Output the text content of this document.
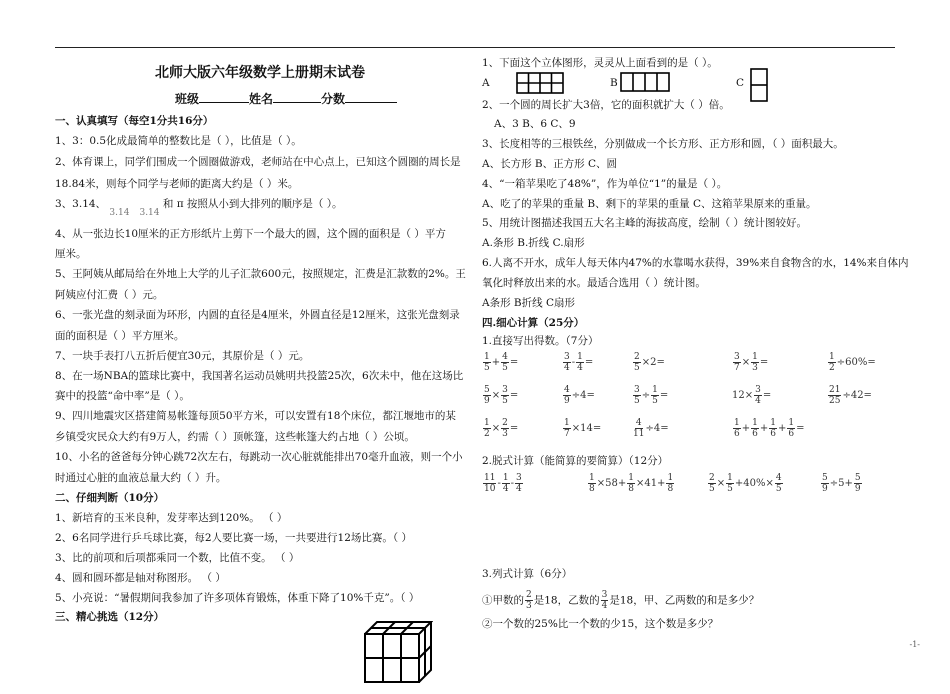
北师大版六年级数学上册期末试卷
班级	姓名	分数
一、认真填写（每空1分共16分）
1、3：0.5化成最简单的整数比是（ ），比值是（ ）。
2、体育课上，同学们围成一个圆圈做游戏，老师站在中心点上，已知这个圆圈的周长是
18.84米，则每个同学与老师的距离大约是（ ）米。
3、3.14、 3.14 3.14 和 π 按照从小到大排列的顺序是（ ）。
4、从一张边长10厘米的正方形纸片上剪下一个最大的圆，这个圆的面积是（ ）平方
厘米。
5、王阿姨从邮局给在外地上大学的儿子汇款600元，按照规定，汇费是汇款数的2%。王
阿姨应付汇费（ ）元。
6、一张光盘的刻录面为环形，内圆的直径是4厘米，外圆直径是12厘米，这张光盘刻录
面的面积是（ ）平方厘米。
7、一块手表打八五折后便宜30元，其原价是（ ）元。
8、在一场NBA的篮球比赛中，我国著名运动员姚明共投篮25次，6次未中，他在这场比
赛中的投篮“命中率”是（ ）。
9、四川地震灾区搭建简易帐篷每顶50平方米，可以安置有18个床位，都江堰地市的某
乡镇受灾民众大约有9万人，约需（ ）顶帐篷，这些帐篷大约占地（ ）公顷。
10、小名的爸爸每分钟心跳72次左右，每跳动一次心脏就能排出70毫升血液，则一个小
时通过心脏的血液总量大约（ ）升。
二、仔细判断（10分）
1、新培育的玉米良种，发芽率达到120%。 （ ）
2、6名同学进行乒乓球比赛，每2人要比赛一场，一共要进行12场比赛。（ ）
3、比的前项和后项都乘同一个数，比值不变。 （ ）
4、圆和圆环都是轴对称图形。 （ ）
5、小亮说：“暑假期间我参加了许多项体育锻炼，体重下降了10%千克”。（ ）
三、精心挑选（12分）
1、下面这个立体图形，灵灵从上面看到的是（ ）。
A	B	C
2、一个圆的周长扩大3倍，它的面积就扩大（ ）倍。
A、3 B、6 C、9
3、长度相等的三根铁丝，分别做成一个长方形、正方形和圆，（ ）面积最大。
A、长方形 B、正方形 C、圆
4、“一箱苹果吃了48%”，作为单位“1”的量是（ ）。
A、吃了的苹果的重量 B、剩下的苹果的重量 C、这箱苹果原来的重量。
5、用统计图描述我国五大名主峰的海拔高度，绘制（ ）统计图较好。
A.条形 B.折线 C.扇形
6.人离不开水，成年人每天体内47%的水靠喝水获得，39%来自食物含的水，14%来自体内
氧化时释放出来的水。最适合选用（ ）统计图。
A条形 B折线 C扇形
四.细心计算（25分）
1.直接写出得数。（7分）
$\frac{1}{5} + \frac{4}{5}$ =	$\frac{3}{4} - \frac{1}{4}$ =	$\frac{2}{5} \times 2=$	$\frac{3}{7} \times \frac{1}{3}$ =	$\frac{1}{2} \div 60\%=$
$\frac{5}{9} \times \frac{3}{5}$ =	$\frac{4}{9} \div 4=$	$\frac{3}{5} \div \frac{1}{5}$ =	$12\times \frac{3}{4}$ =	$\frac{21}{25} \div 42=$
$\frac{1}{2} \times \frac{2}{3}$ =	$\frac{1}{7} \times 14=$	$\frac{4}{11} \div 4=$	$\frac{1}{6} + \frac{1}{6} + \frac{1}{6} + \frac{1}{6}$ =
2.脱式计算（能简算的要简算）（12分）
$\frac{11}{10} - \frac{1}{4} - \frac{3}{4}$	$\frac{1}{8} \times 58+ \frac{1}{8} \times 41+ \frac{1}{8}$	$\frac{2}{5} \times \frac{1}{5} +40\%\times \frac{4}{5}$	$\frac{5}{9} \div 5+ \frac{5}{9}$
3.列式计算（6分）
①甲数的 $\frac{2}{3}$ 是18，乙数的 $\frac{3}{4}$ 是18，甲、乙两数的和是多少？
②一个数的25%比一个数的少15，这个数是多少？
-1-
